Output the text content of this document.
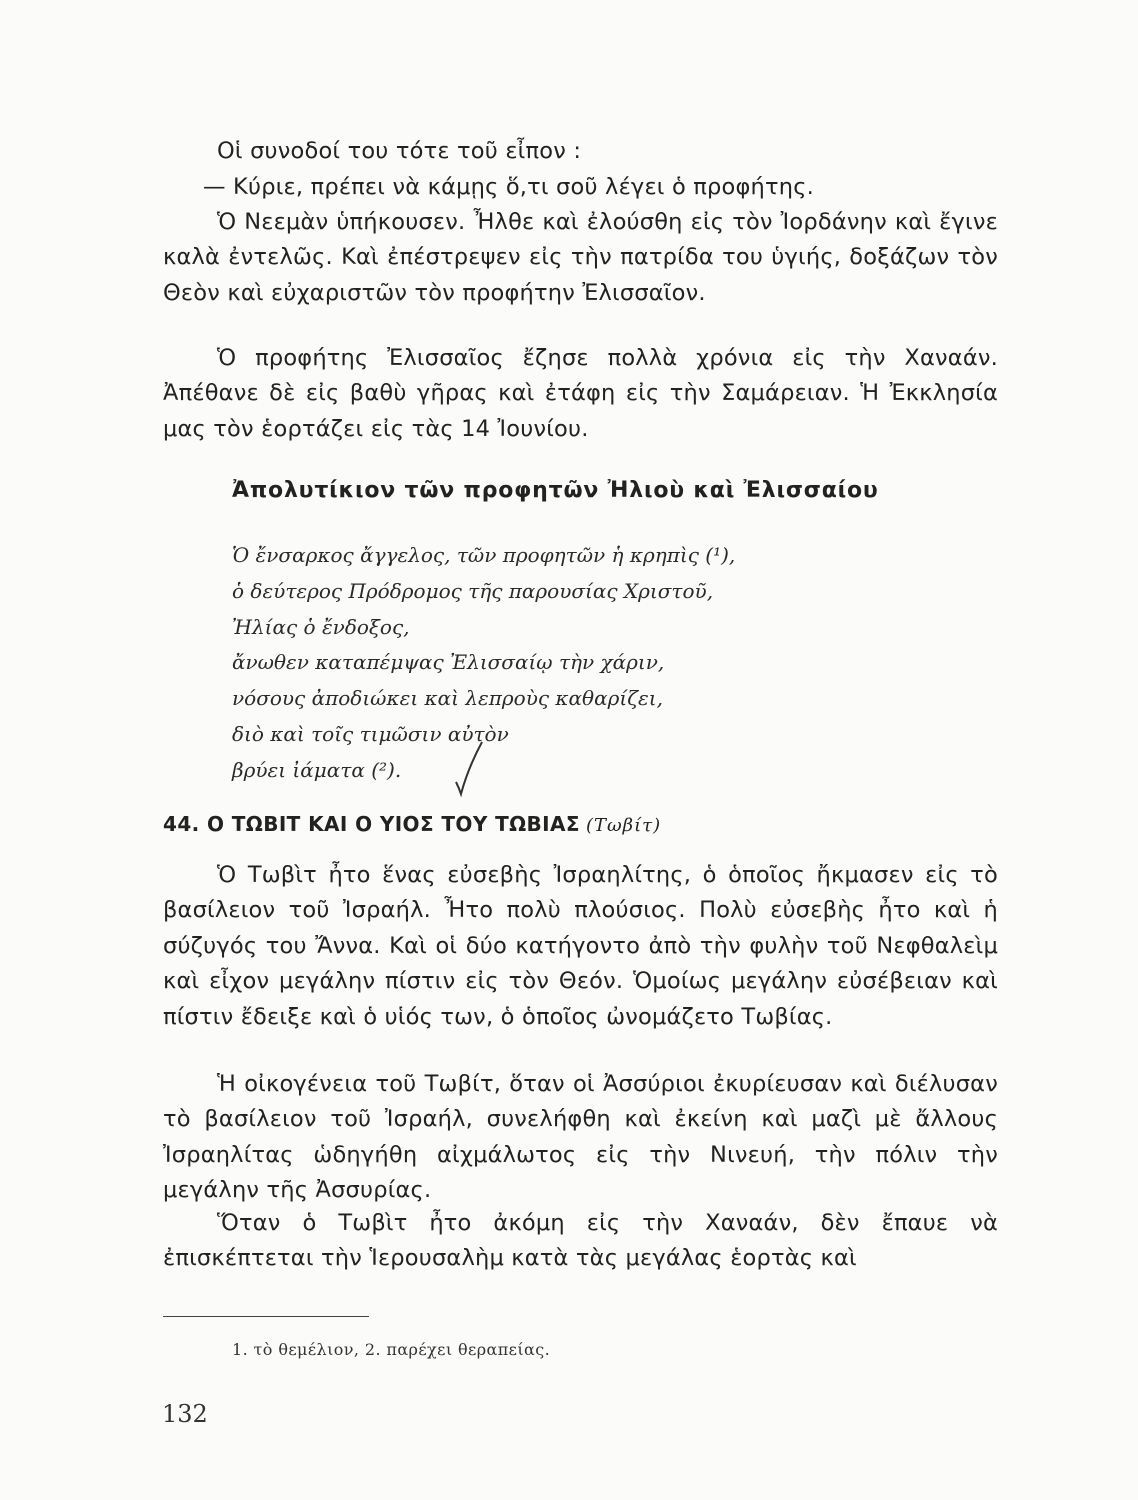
Οἱ συνοδοί του τότε τοῦ εἶπον :
— Κύριε, πρέπει νὰ κάμῃς ὅ,τι σοῦ λέγει ὁ προφήτης.
Ὁ Νεεμὰν ὑπήκουσεν. Ἦλθε καὶ ἐλούσθη εἰς τὸν Ἰορδάνην καὶ ἔγινε καλὰ ἐντελῶς. Καὶ ἐπέστρεψεν εἰς τὴν πατρίδα του ὑγιής, δοξάζων τὸν Θεὸν καὶ εὐχαριστῶν τὸν προφήτην Ἐλισσαῖον.
Ὁ προφήτης Ἐλισσαῖος ἔζησε πολλὰ χρόνια εἰς τὴν Χαναάν. Ἀπέθανε δὲ εἰς βαθὺ γῆρας καὶ ἐτάφη εἰς τὴν Σαμάρειαν. Ἡ Ἐκκλησία μας τὸν ἑορτάζει εἰς τὰς 14 Ἰουνίου.
Ἀπολυτίκιον τῶν προφητῶν Ἠλιοὺ καὶ Ἐλισσαίου
Ὁ ἔνσαρκος ἄγγελος, τῶν προφητῶν ἡ κρηπὶς (¹),
ὁ δεύτερος Πρόδρομος τῆς παρουσίας Χριστοῦ,
Ἠλίας ὁ ἔνδοξος,
ἄνωθεν καταπέμψας Ἐλισσαίῳ τὴν χάριν,
νόσους ἀποδιώκει καὶ λεπροὺς καθαρίζει,
διὸ καὶ τοῖς τιμῶσιν αὐτὸν
βρύει ἰάματα (²).
44. Ο ΤΩΒΙΤ ΚΑΙ Ο ΥΙΟΣ ΤΟΥ ΤΩΒΙΑΣ (Τωβίτ)
Ὁ Τωβὶτ ἦτο ἕνας εὐσεβὴς Ἰσραηλίτης, ὁ ὁποῖος ἤκμασεν εἰς τὸ βασίλειον τοῦ Ἰσραήλ. Ἦτο πολὺ πλούσιος. Πολὺ εὐσεβὴς ἦτο καὶ ἡ σύζυγός του Ἄννα. Καὶ οἱ δύο κατήγοντο ἀπὸ τὴν φυλὴν τοῦ Νεφθαλεὶμ καὶ εἶχον μεγάλην πίστιν εἰς τὸν Θεόν. Ὁμοίως μεγάλην εὐσέβειαν καὶ πίστιν ἔδειξε καὶ ὁ υἱός των, ὁ ὁποῖος ὠνομάζετο Τωβίας.
Ἡ οἰκογένεια τοῦ Τωβίτ, ὅταν οἱ Ἀσσύριοι ἐκυρίευσαν καὶ διέλυσαν τὸ βασίλειον τοῦ Ἰσραήλ, συνελήφθη καὶ ἐκείνη καὶ μαζὶ μὲ ἄλλους Ἰσραηλίτας ὡδηγήθη αἰχμάλωτος εἰς τὴν Νινευή, τὴν πόλιν τὴν μεγάλην τῆς Ἀσσυρίας.
Ὅταν ὁ Τωβὶτ ἦτο ἀκόμη εἰς τὴν Χαναάν, δὲν ἔπαυε νὰ ἐπισκέπτεται τὴν Ἱερουσαλὴμ κατὰ τὰς μεγάλας ἑορτὰς καὶ
1. τὸ θεμέλιον, 2. παρέχει θεραπείας.
132
